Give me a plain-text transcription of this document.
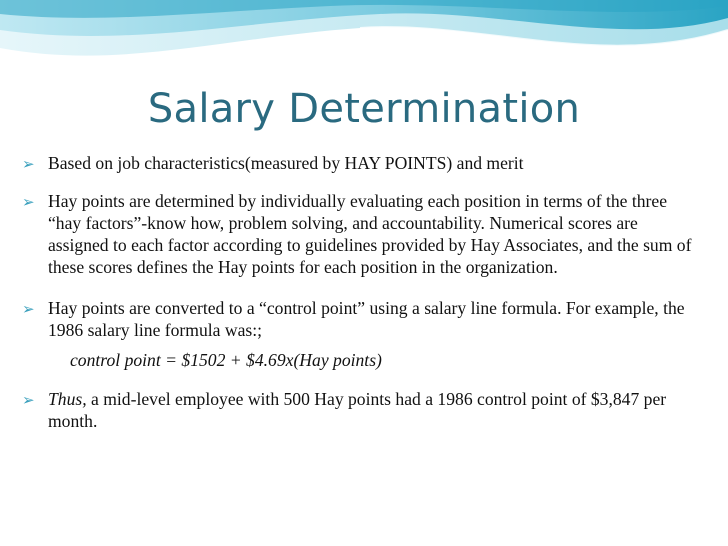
Salary Determination
➢ Based on job characteristics(measured by HAY POINTS) and merit
➢ Hay points are determined by individually evaluating each position in terms of the three “hay factors”-know how, problem solving, and accountability. Numerical scores are assigned to each factor according to guidelines provided by Hay Associates, and the sum of these scores defines the Hay points for each position in the organization.
➢ Hay points are converted to a “control point” using a salary line formula. For example, the 1986 salary line formula was:;
control point = $1502 + $4.69x(Hay points)
➢ Thus, a mid-level employee with 500 Hay points had a 1986 control point of $3,847 per month.
